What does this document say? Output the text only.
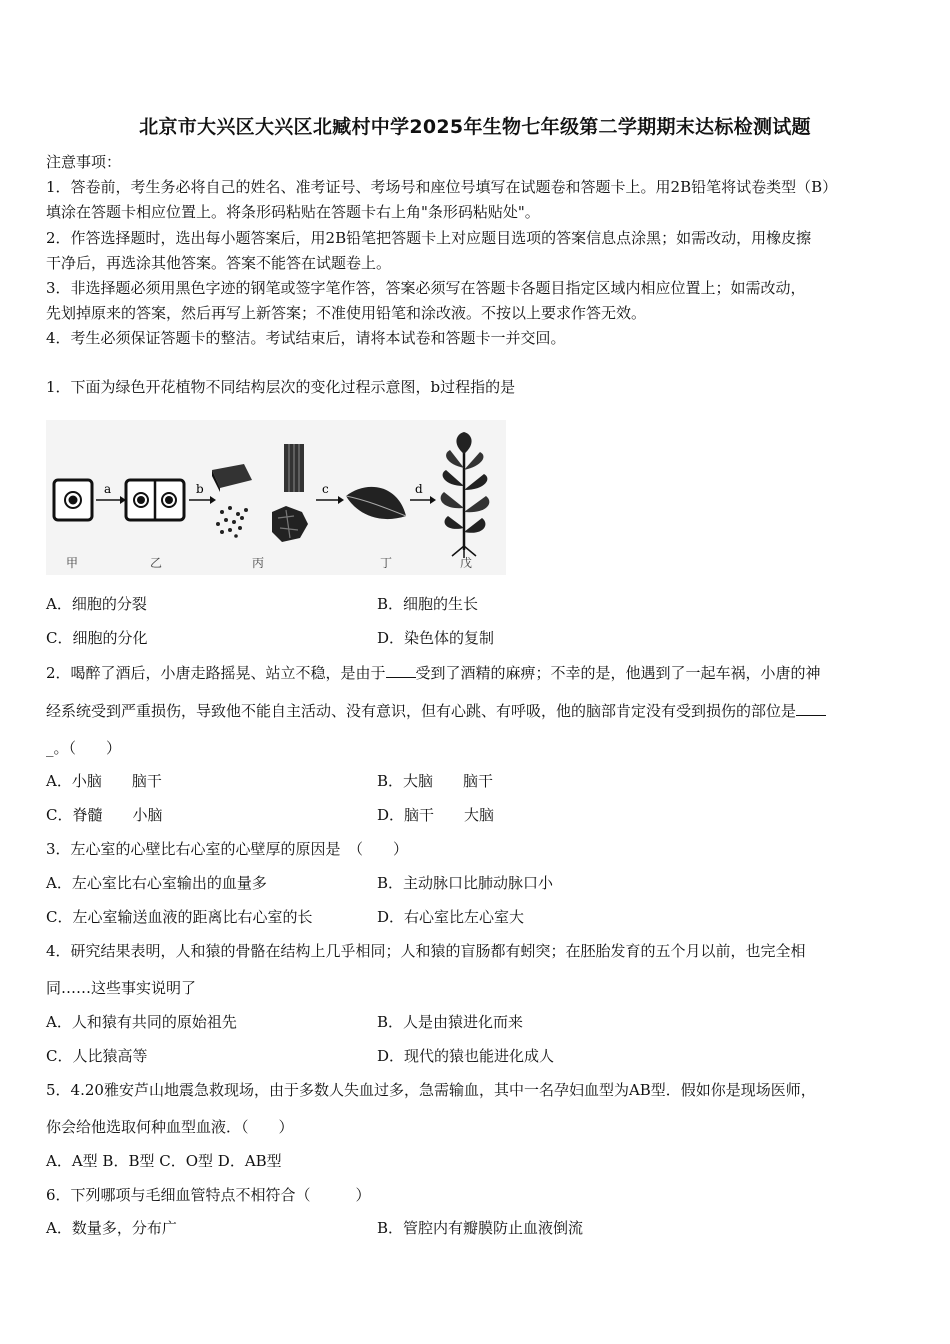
北京市大兴区大兴区北臧村中学2025年生物七年级第二学期期末达标检测试题
注意事项：
1．答卷前，考生务必将自己的姓名、准考证号、考场号和座位号填写在试题卷和答题卡上。用2B铅笔将试卷类型（B）
填涂在答题卡相应位置上。将条形码粘贴在答题卡右上角"条形码粘贴处"。
2．作答选择题时，选出每小题答案后，用2B铅笔把答题卡上对应题目选项的答案信息点涂黑；如需改动，用橡皮擦
干净后，再选涂其他答案。答案不能答在试题卷上。
3．非选择题必须用黑色字迹的钢笔或签字笔作答，答案必须写在答题卡各题目指定区域内相应位置上；如需改动，
先划掉原来的答案，然后再写上新答案；不准使用铅笔和涂改液。不按以上要求作答无效。
4．考生必须保证答题卡的整洁。考试结束后，请将本试卷和答题卡一并交回。
1．下面为绿色开花植物不同结构层次的变化过程示意图，b过程指的是
a	b	c	d
甲	乙	丙	丁	戊
A．细胞的分裂	B．细胞的生长
C．细胞的分化	D．染色体的复制
2．喝醉了酒后，小唐走路摇晃、站立不稳，是由于 受到了酒精的麻痹；不幸的是，他遇到了一起车祸，小唐的神
经系统受到严重损伤，导致他不能自主活动、没有意识，但有心跳、有呼吸，他的脑部肯定没有受到损伤的部位是
_。（　　）
A．小脑　　脑干	B．大脑　　脑干
C．脊髓　　小脑	D．脑干　　大脑
3．左心室的心壁比右心室的心壁厚的原因是　（　　）
A．左心室比右心室输出的血量多	B．主动脉口比肺动脉口小
C．左心室输送血液的距离比右心室的长	D．右心室比左心室大
4．研究结果表明，人和猿的骨骼在结构上几乎相同；人和猿的盲肠都有蚓突；在胚胎发育的五个月以前，也完全相
同……这些事实说明了
A．人和猿有共同的原始祖先	B．人是由猿进化而来
C．人比猿高等	D．现代的猿也能进化成人
5．4.20雅安芦山地震急救现场，由于多数人失血过多，急需输血，其中一名孕妇血型为AB型．假如你是现场医师，
你会给他选取何种血型血液．（　　）
A．A型 B．B型 C．O型 D．AB型
6．下列哪项与毛细血管特点不相符合（　　　）
A．数量多，分布广	B．管腔内有瓣膜防止血液倒流
